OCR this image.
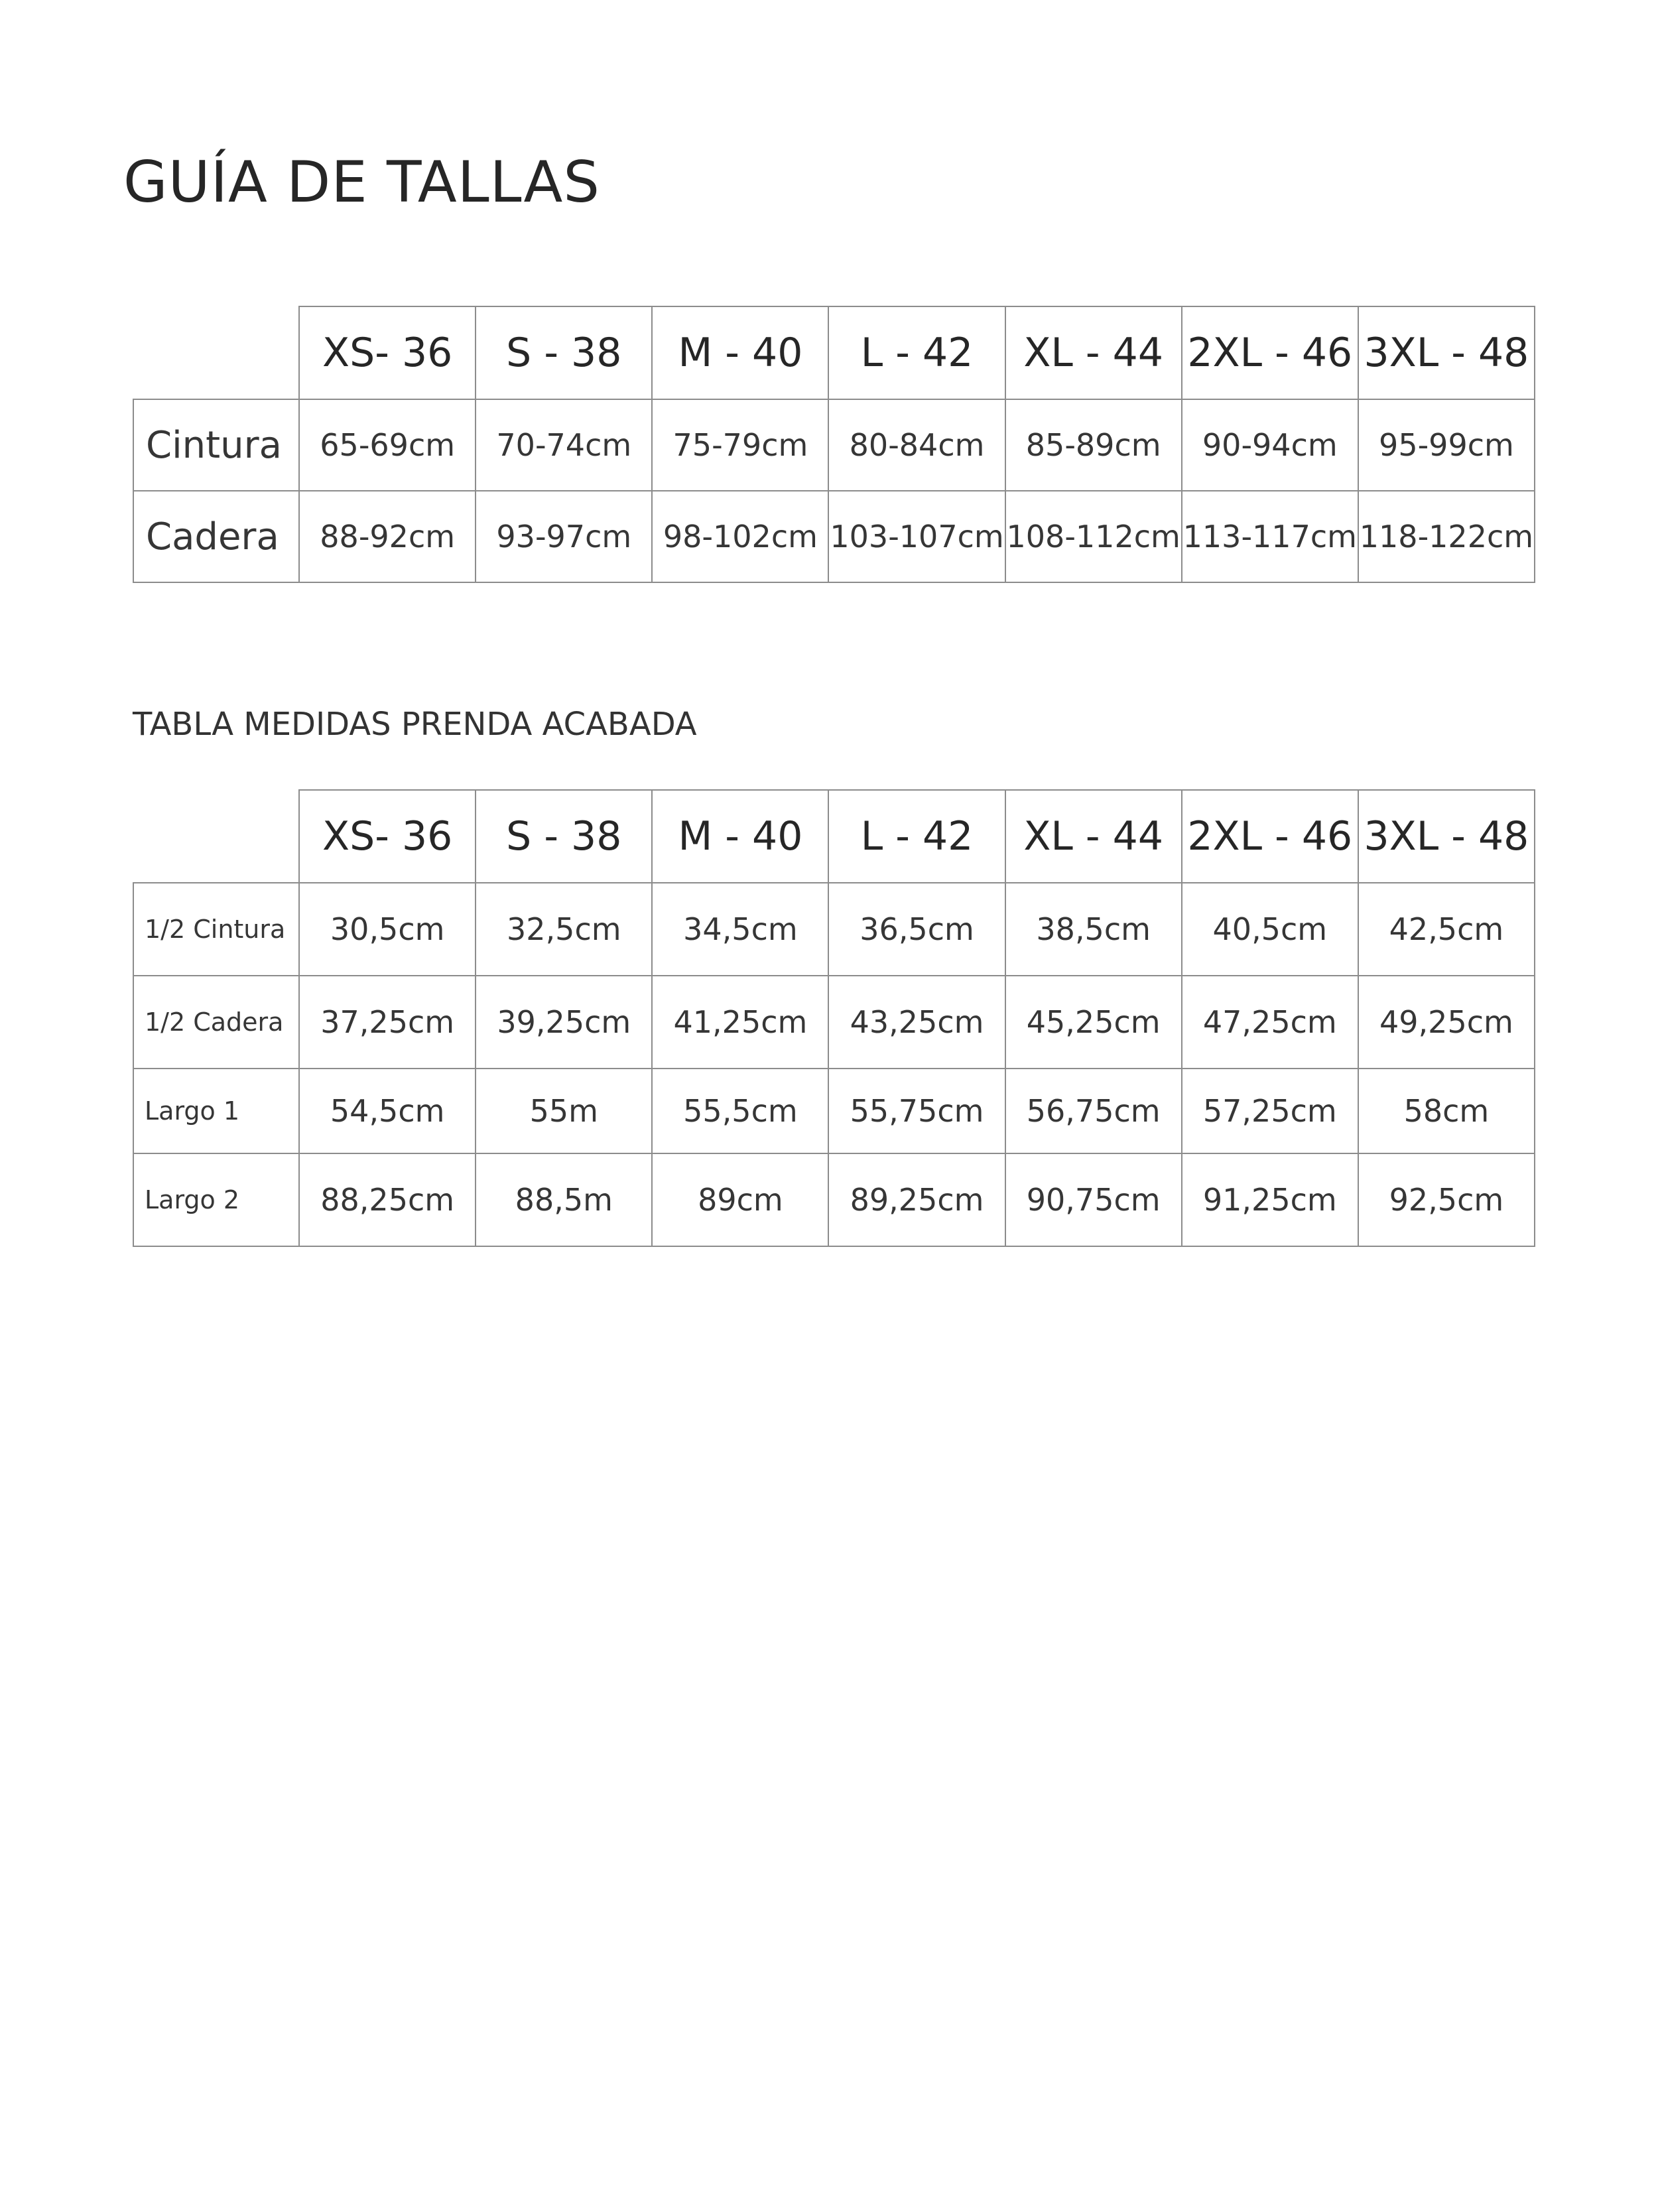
GUÍA DE TALLAS
	XS- 36	S - 38	M - 40	L - 42	XL - 44	2XL - 46	3XL - 48
Cintura	65-69cm	70-74cm	75-79cm	80-84cm	85-89cm	90-94cm	95-99cm
Cadera	88-92cm	93-97cm	98-102cm	103-107cm	108-112cm	113-117cm	118-122cm
TABLA MEDIDAS PRENDA ACABADA
	XS- 36	S - 38	M - 40	L - 42	XL - 44	2XL - 46	3XL - 48
1/2 Cintura	30,5cm	32,5cm	34,5cm	36,5cm	38,5cm	40,5cm	42,5cm
1/2 Cadera	37,25cm	39,25cm	41,25cm	43,25cm	45,25cm	47,25cm	49,25cm
Largo 1	54,5cm	55m	55,5cm	55,75cm	56,75cm	57,25cm	58cm
Largo 2	88,25cm	88,5m	89cm	89,25cm	90,75cm	91,25cm	92,5cm
